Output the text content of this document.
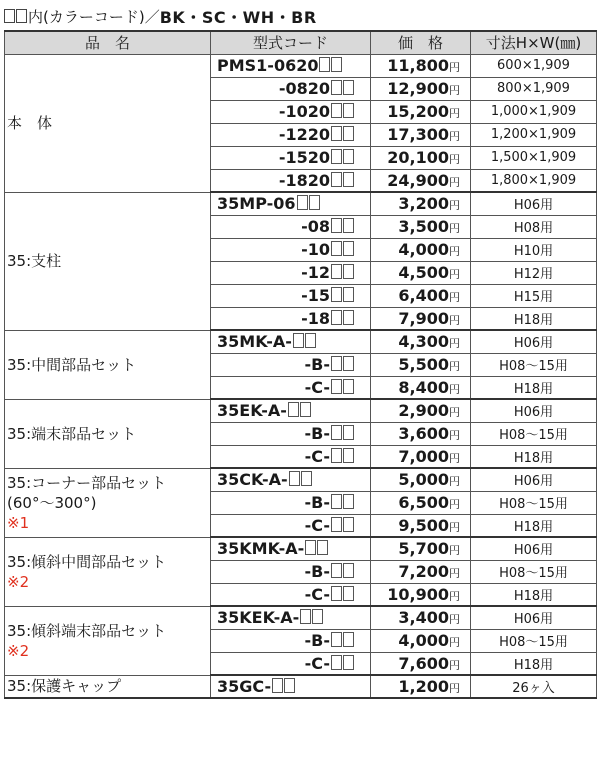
内(カラーコード)／ BK・SC・WH・BR
品　名	型式コード	価　格	寸法H×W(㎜)

本　体	PMS1-0620	11,800円	600×1,909
	-0820	12,900円	800×1,909
	-1020	15,200円	1,000×1,909
	-1220	17,300円	1,200×1,909
	-1520	20,100円	1,500×1,909
	-1820	24,900円	1,800×1,909

35:支柱	35MP-06	3,200円	H06用
	-08	3,500円	H08用
	-10	4,000円	H10用
	-12	4,500円	H12用
	-15	6,400円	H15用
	-18	7,900円	H18用

35:中間部品セット	35MK-A-	4,300円	H06用
	-B-	5,500円	H08～15用
	-C-	8,400円	H18用

35:端末部品セット	35EK-A-	2,900円	H06用
	-B-	3,600円	H08～15用
	-C-	7,000円	H18用

35:コーナー部品セット
(60°～300°)
※1	35CK-A-	5,000円	H06用
	-B-	6,500円	H08～15用
	-C-	9,500円	H18用

35:傾斜中間部品セット
※2	35KMK-A-	5,700円	H06用
	-B-	7,200円	H08～15用
	-C-	10,900円	H18用

35:傾斜端末部品セット
※2	35KEK-A-	3,400円	H06用
	-B-	4,000円	H08～15用
	-C-	7,600円	H18用

35:保護キャップ	35GC-	1,200円	26ヶ入
